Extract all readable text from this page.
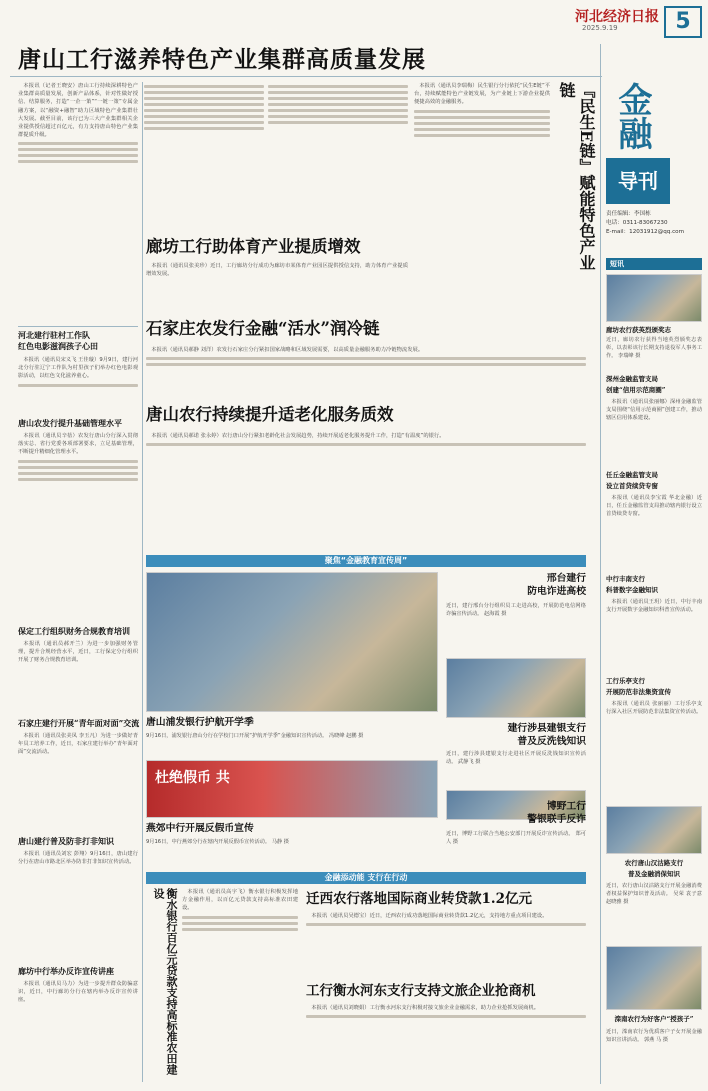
河北经济日报
2025.9.19	5
唐山工行滋养特色产业集群高质量发展
金融
导刊
责任编辑：李国栋
电话：0311-83067230
E-mail：12031912@qq.com
『民生E链』赋能特色产业链

本报讯（记者王晓安）唐山工行持续深耕特色产业集群高质量发展，创新产品体系，针对性做好授信、结算服务，打造“一企一策”“一链一策”专属金融方案，以“融资+融智”助力区域特色产业集群壮大发展。截至目前，该行已为三大产业集群相关企业提供授信超过百亿元，有力支持唐山特色产业集群提质升级。

本报讯（通讯员李瑞梅）民生银行分行依托“民生E链”平台，持续赋能特色产业链发展，为产业链上下游企业提供便捷高效的金融服务。

廊坊工行助体育产业提质增效

本报讯（通讯员张美珍）近日，工行廊坊分行成功为廊坊市某体育产业园区提供授信支持，助力体育产业提质增效发展。

石家庄农发行金融“活水”润冷链

本报讯（通讯员郝静 刘洋）农发行石家庄分行紧扣国家战略和区域发展需要，以高质量金融服务助力冷链物流发展。

唐山农行持续提升适老化服务质效

本报讯（通讯员郝诺 张永婷）农行唐山分行紧扣老龄化社会发展趋势，持续开展适老化服务提升工作，打造“有温度”的银行。

河北建行驻村工作队
红色电影滋润孩子心田

本报讯（通讯员宋义飞 王佳璇）9月9日，建行河北分行驻辽宁工作队为村里孩子们举办红色电影观影活动，以红色文化滋养童心。

唐山农发行提升基础管理水平

本报讯（通讯员辛蓓）农发行唐山分行深入贯彻落实总、省行党委各项部署要求，立足基础管理，不断提升精细化管理水平。

保定工行组织财务合规教育培训

本报讯（通讯员郝开兰）为进一步加强财务管理，提升合规经营水平，近日，工行保定分行组织开展了财务合规教育培训。

石家庄建行开展“青年面对面”交流

本报讯（通讯员张美凤 李玉凡）为进一步做好青年员工培养工作，近日，石家庄建行举办“青年面对面”交流活动。

唐山建行普及防非打非知识

本报讯（通讯员刘宏 彭翔）9月16日，唐山建行分行在唐山市路北区举办防非打非知识宣传活动。

廊坊中行举办反诈宣传讲座

本报讯（通讯员马力）为进一步提升群众防骗意识，近日，中行廊坊分行在辖内举办反诈宣传讲座。

聚焦“金融教育宣传周”
唐山浦发银行护航开学季
9月16日，浦发银行唐山分行在学校门口开展“护航开学季”金融知识宣传活动。 冯晓峰 赵鹏 摄
邢台建行
防电诈进高校
近日，建行邢台分行组织员工走进高校，开展防范电信网络诈骗宣传活动。 赵海霞 摄
建行涉县建银支行
普及反洗钱知识
近日，建行涉县建银支行走进社区开展反洗钱知识宣传活动。 武静飞 摄
杜绝假币 共
燕郊中行开展反假币宣传
9月16日，中行燕郊分行在辖内开展反假币宣传活动。 马静 摄
博野工行
警银联手反诈
近日，博野工行联合当地公安部门开展反诈宣传活动。 郑可人 摄
金融添动能 支行在行动
衡水银行百亿元贷款支持高标准农田建设	本报讯（通讯员高宇飞）衡水银行积极发挥地方金融作用，以百亿元贷款支持高标准农田建设。

迁西农行落地国际商业转贷款1.2亿元

本报讯（通讯员吴德宝）近日，迁西农行成功落地国际商业转贷款1.2亿元，支持地方重点项目建设。

工行衡水河东支行支持文旅企业抢商机

本报讯（通讯员刘晓娟）工行衡水河东支行积极对接文旅企业金融需求，助力企业抢抓发展商机。

短讯
廊坊农行获英烈颁奖志
近日，廊坊农行获得当地英烈颁奖志表彰，以表彰该行长期支持退役军人事务工作。 李瑞峰 摄
深州金融监管支局
创建“信用示范商圈”

本报讯（通讯员张丽娜）深州金融监管支局围绕“信用示范商圈”创建工作，推动辖区信用体系建设。

任丘金融监管支局
设立首贷续贷专窗

本报讯（通讯员李宝霞 华北金融）近日，任丘金融监管支局推动辖内银行设立首贷续贷专窗。

中行丰南支行
科普数字金融知识

本报讯（通讯员王玥）近日，中行丰南支行开展数字金融知识科普宣传活动。

工行乐亭支行
开展防范非法集资宣传

本报讯（通讯员 张丽丽）工行乐亭支行深入社区开展防范非法集资宣传活动。

农行唐山汉沽路支行
普及金融消保知识
近日，农行唐山汉沽路支行开展金融消费者权益保护知识普及活动。 吴荣 袁子意 赵晓雅 摄
滦南农行为好客户“授孩子”
近日，滦南农行为优质客户子女开展金融知识宣讲活动。 郭燕 马 摄
